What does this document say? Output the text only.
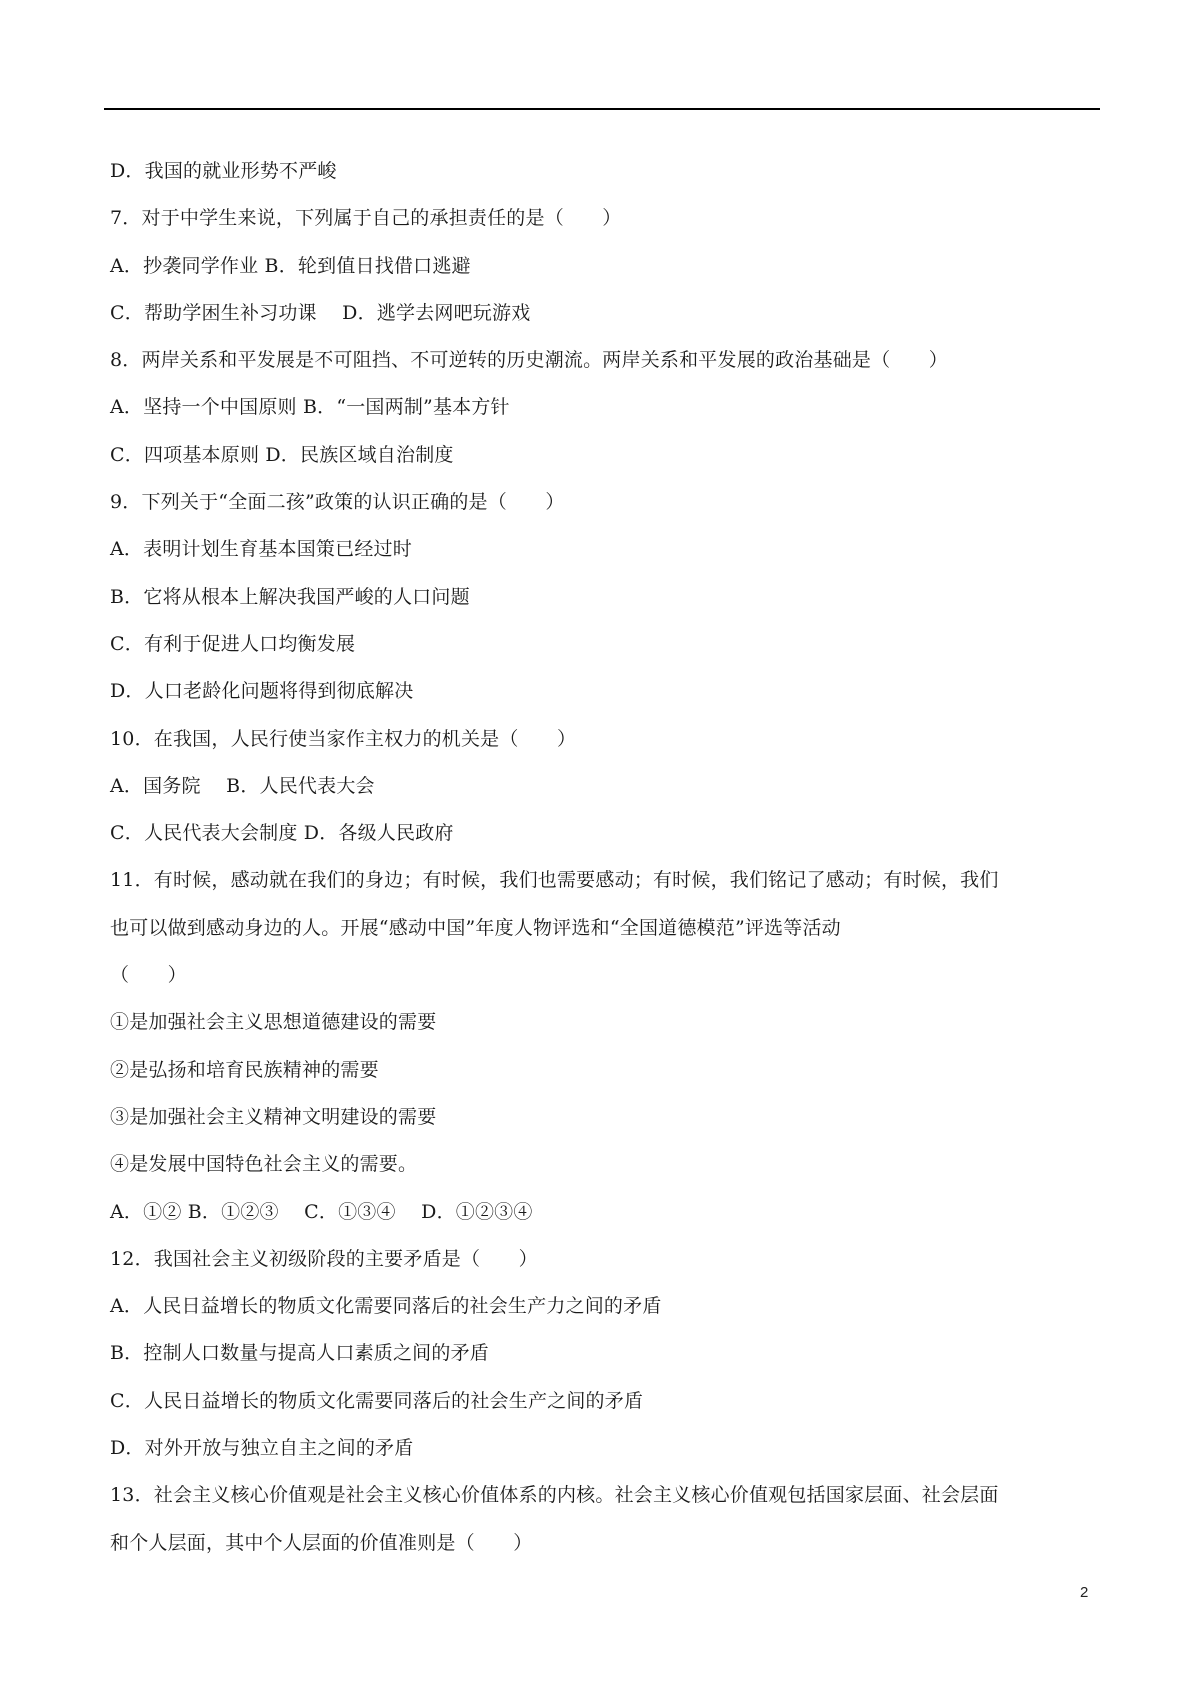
D．我国的就业形势不严峻
7．对于中学生来说，下列属于自己的承担责任的是（　　）
A．抄袭同学作业 B．轮到值日找借口逃避
C．帮助学困生补习功课　 D．逃学去网吧玩游戏
8．两岸关系和平发展是不可阻挡、不可逆转的历史潮流。两岸关系和平发展的政治基础是（　　）
A．坚持一个中国原则 B．“一国两制”基本方针
C．四项基本原则 D．民族区域自治制度
9．下列关于“全面二孩”政策的认识正确的是（　　）
A．表明计划生育基本国策已经过时
B．它将从根本上解决我国严峻的人口问题
C．有利于促进人口均衡发展
D．人口老龄化问题将得到彻底解决
10．在我国，人民行使当家作主权力的机关是（　　）
A．国务院　 B．人民代表大会
C．人民代表大会制度 D．各级人民政府
11．有时候，感动就在我们的身边；有时候，我们也需要感动；有时候，我们铭记了感动；有时候，我们
也可以做到感动身边的人。开展“感动中国”年度人物评选和“全国道德模范”评选等活动
（　　）
①是加强社会主义思想道德建设的需要
②是弘扬和培育民族精神的需要
③是加强社会主义精神文明建设的需要
④是发展中国特色社会主义的需要。
A．①② B．①②③　 C．①③④　 D．①②③④
12．我国社会主义初级阶段的主要矛盾是（　　）
A．人民日益增长的物质文化需要同落后的社会生产力之间的矛盾
B．控制人口数量与提高人口素质之间的矛盾
C．人民日益增长的物质文化需要同落后的社会生产之间的矛盾
D．对外开放与独立自主之间的矛盾
13．社会主义核心价值观是社会主义核心价值体系的内核。社会主义核心价值观包括国家层面、社会层面
和个人层面，其中个人层面的价值准则是（　　）
2
